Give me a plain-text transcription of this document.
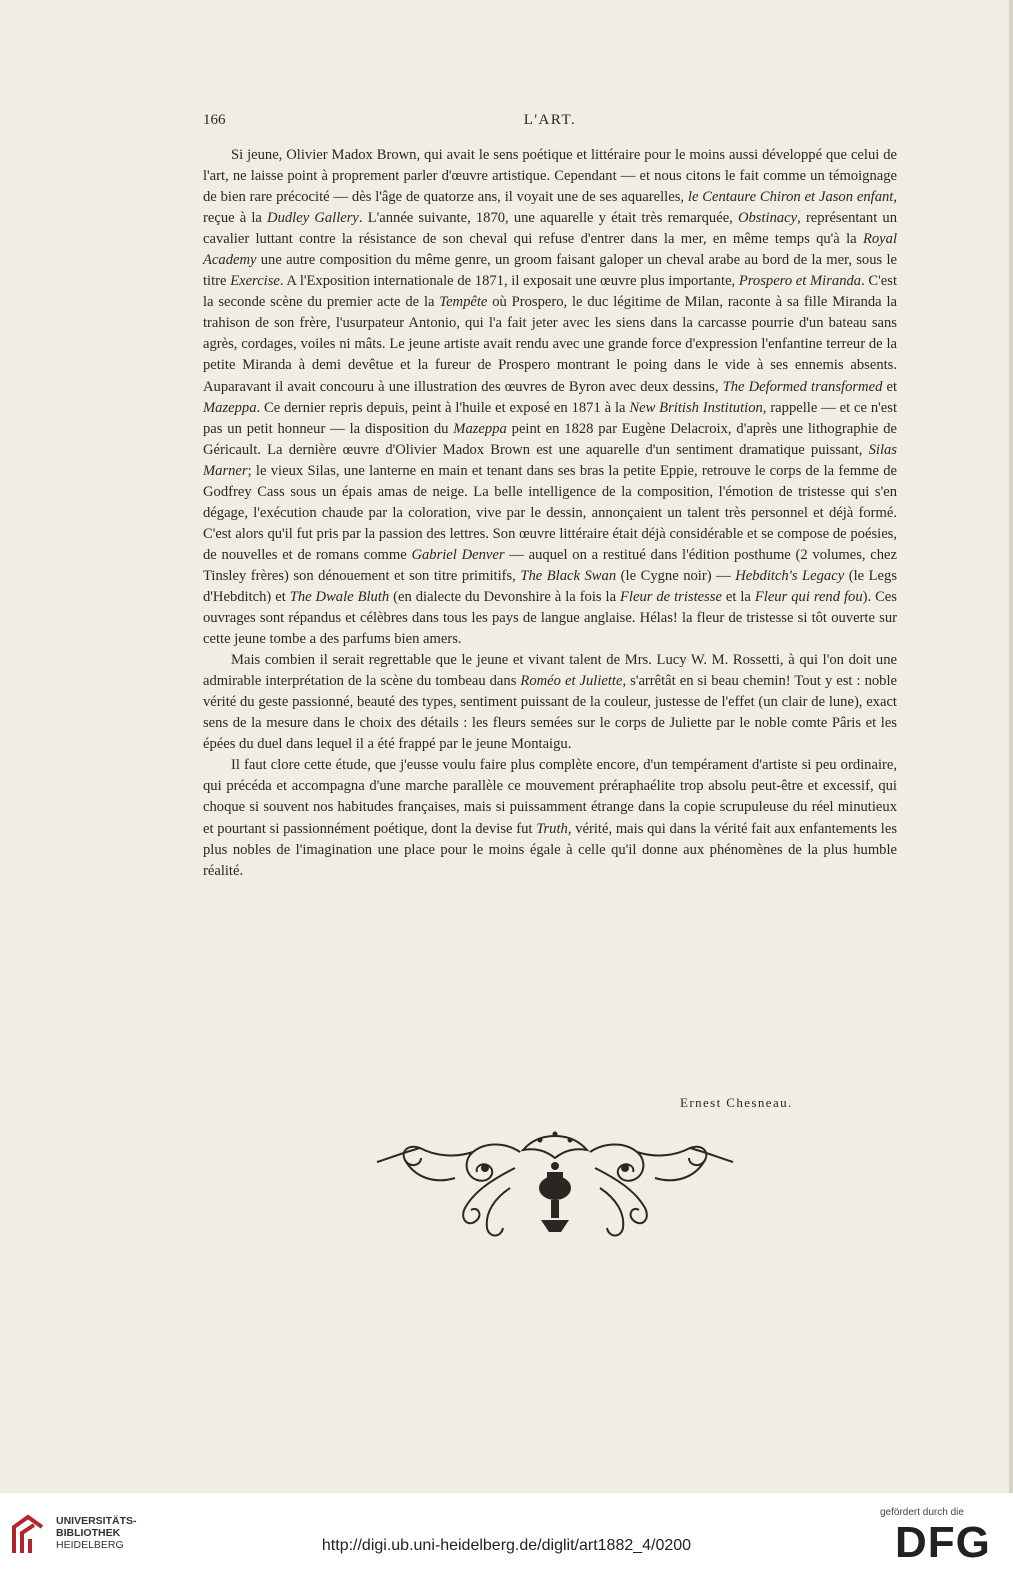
166	L'ART.

Si jeune, Olivier Madox Brown, qui avait le sens poétique et littéraire pour le moins aussi développé que celui de l'art, ne laisse point à proprement parler d'œuvre artistique. Cependant — et nous citons le fait comme un témoignage de bien rare précocité — dès l'âge de quatorze ans, il voyait une de ses aquarelles, le Centaure Chiron et Jason enfant, reçue à la Dudley Gallery. L'année suivante, 1870, une aquarelle y était très remarquée, Obstinacy, représentant un cavalier luttant contre la résistance de son cheval qui refuse d'entrer dans la mer, en même temps qu'à la Royal Academy une autre composition du même genre, un groom faisant galoper un cheval arabe au bord de la mer, sous le titre Exercise. A l'Exposition internationale de 1871, il exposait une œuvre plus importante, Prospero et Miranda. C'est la seconde scène du premier acte de la Tempête où Prospero, le duc légitime de Milan, raconte à sa fille Miranda la trahison de son frère, l'usurpateur Antonio, qui l'a fait jeter avec les siens dans la carcasse pourrie d'un bateau sans agrès, cordages, voiles ni mâts. Le jeune artiste avait rendu avec une grande force d'expression l'enfantine terreur de la petite Miranda à demi devêtue et la fureur de Prospero montrant le poing dans le vide à ses ennemis absents. Auparavant il avait concouru à une illustration des œuvres de Byron avec deux dessins, The Deformed transformed et Mazeppa. Ce dernier repris depuis, peint à l'huile et exposé en 1871 à la New British Institution, rappelle — et ce n'est pas un petit honneur — la disposition du Mazeppa peint en 1828 par Eugène Delacroix, d'après une lithographie de Géricault. La dernière œuvre d'Olivier Madox Brown est une aquarelle d'un sentiment dramatique puissant, Silas Marner; le vieux Silas, une lanterne en main et tenant dans ses bras la petite Eppie, retrouve le corps de la femme de Godfrey Cass sous un épais amas de neige. La belle intelligence de la composition, l'émotion de tristesse qui s'en dégage, l'exécution chaude par la coloration, vive par le dessin, annonçaient un talent très personnel et déjà formé. C'est alors qu'il fut pris par la passion des lettres. Son œuvre littéraire était déjà considérable et se compose de poésies, de nouvelles et de romans comme Gabriel Denver — auquel on a restitué dans l'édition posthume (2 volumes, chez Tinsley frères) son dénouement et son titre primitifs, The Black Swan (le Cygne noir) — Hebditch's Legacy (le Legs d'Hebditch) et The Dwale Bluth (en dialecte du Devonshire à la fois la Fleur de tristesse et la Fleur qui rend fou). Ces ouvrages sont répandus et célèbres dans tous les pays de langue anglaise. Hélas! la fleur de tristesse si tôt ouverte sur cette jeune tombe a des parfums bien amers.

Mais combien il serait regrettable que le jeune et vivant talent de Mrs. Lucy W. M. Rossetti, à qui l'on doit une admirable interprétation de la scène du tombeau dans Roméo et Juliette, s'arrêtât en si beau chemin! Tout y est : noble vérité du geste passionné, beauté des types, sentiment puissant de la couleur, justesse de l'effet (un clair de lune), exact sens de la mesure dans le choix des détails : les fleurs semées sur le corps de Juliette par le noble comte Pâris et les épées du duel dans lequel il a été frappé par le jeune Montaigu.

Il faut clore cette étude, que j'eusse voulu faire plus complète encore, d'un tempérament d'artiste si peu ordinaire, qui précéda et accompagna d'une marche parallèle ce mouvement préraphaélite trop absolu peut-être et excessif, qui choque si souvent nos habitudes françaises, mais si puissamment étrange dans la copie scrupuleuse du réel minutieux et pourtant si passionnément poétique, dont la devise fut Truth, vérité, mais qui dans la vérité fait aux enfantements les plus nobles de l'imagination une place pour le moins égale à celle qu'il donne aux phénomènes de la plus humble réalité.

Ernest Chesneau.
UNIVERSITÄTS-
BIBLIOTHEK
HEIDELBERG	http://digi.ub.uni-heidelberg.de/diglit/art1882_4/0200
gefördert durch die
DFG
